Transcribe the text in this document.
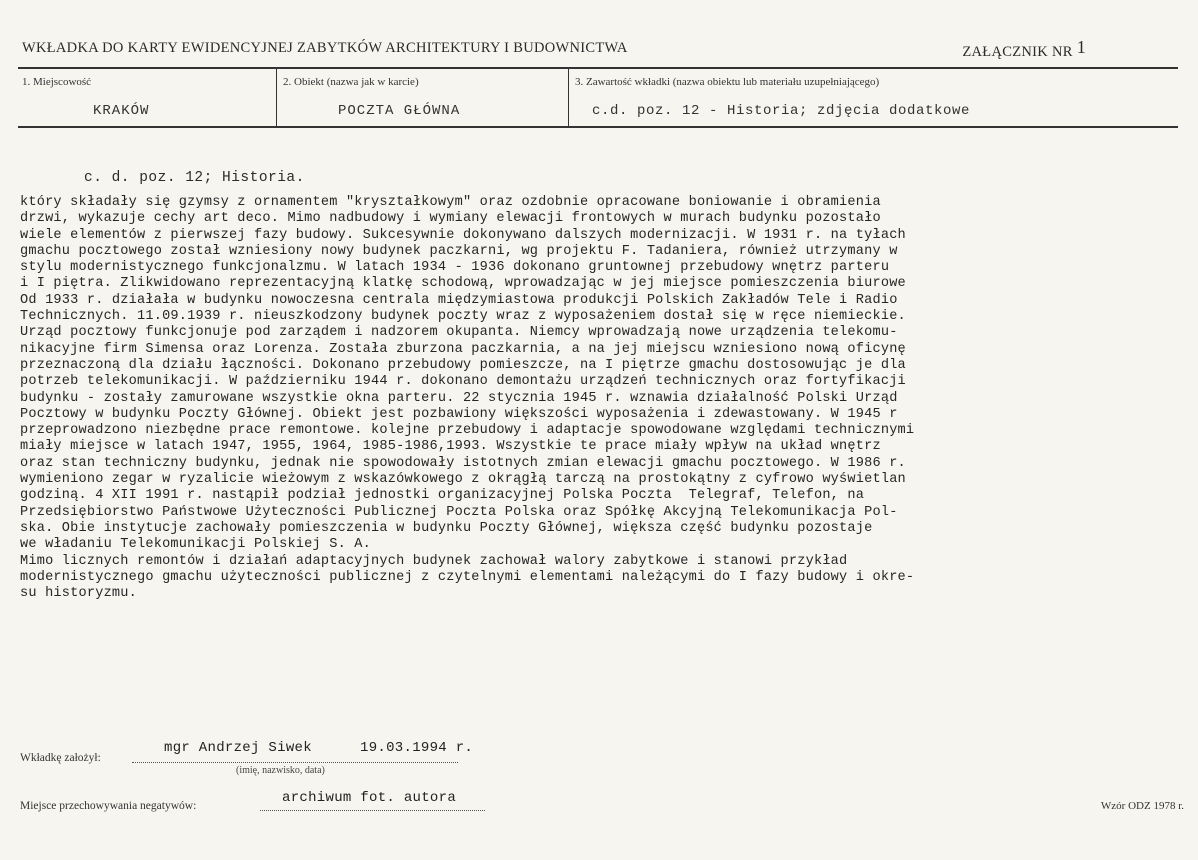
WKŁADKA DO KARTY EWIDENCYJNEJ ZABYTKÓW ARCHITEKTURY I BUDOWNICTWA	ZAŁĄCZNIK NR 1
1. Miejscowość
KRAKÓW
2. Obiekt (nazwa jak w karcie)
POCZTA GŁÓWNA
3. Zawartość wkładki (nazwa obiektu lub materiału uzupełniającego)
c.d. poz. 12 - Historia; zdjęcia dodatkowe
c. d. poz. 12; Historia.
który składały się gzymsy z ornamentem "kryształkowym" oraz ozdobnie opracowane boniowanie i obramienia
drzwi, wykazuje cechy art deco. Mimo nadbudowy i wymiany elewacji frontowych w murach budynku pozostało
wiele elementów z pierwszej fazy budowy. Sukcesywnie dokonywano dalszych modernizacji. W 1931 r. na tyłach
gmachu pocztowego został wzniesiony nowy budynek paczkarni, wg projektu F. Tadaniera, również utrzymany w
stylu modernistycznego funkcjonalzmu. W latach 1934 - 1936 dokonano gruntownej przebudowy wnętrz parteru
i I piętra. Zlikwidowano reprezentacyjną klatkę schodową, wprowadzając w jej miejsce pomieszczenia biurowe
Od 1933 r. działała w budynku nowoczesna centrala międzymiastowa produkcji Polskich Zakładów Tele i Radio
Technicznych. 11.09.1939 r. nieuszkodzony budynek poczty wraz z wyposażeniem dostał się w ręce niemieckie.
Urząd pocztowy funkcjonuje pod zarządem i nadzorem okupanta. Niemcy wprowadzają nowe urządzenia telekomu-
nikacyjne firm Simensa oraz Lorenza. Została zburzona paczkarnia, a na jej miejscu wzniesiono nową oficynę
przeznaczoną dla działu łączności. Dokonano przebudowy pomieszcze, na I piętrze gmachu dostosowując je dla
potrzeb telekomunikacji. W październiku 1944 r. dokonano demontażu urządzeń technicznych oraz fortyfikacji
budynku - zostały zamurowane wszystkie okna parteru. 22 stycznia 1945 r. wznawia działalność Polski Urząd
Pocztowy w budynku Poczty Głównej. Obiekt jest pozbawiony większości wyposażenia i zdewastowany. W 1945 r
przeprowadzono niezbędne prace remontowe. kolejne przebudowy i adaptacje spowodowane względami technicznymi
miały miejsce w latach 1947, 1955, 1964, 1985-1986,1993. Wszystkie te prace miały wpływ na układ wnętrz
oraz stan techniczny budynku, jednak nie spowodowały istotnych zmian elewacji gmachu pocztowego. W 1986 r.
wymieniono zegar w ryzalicie wieżowym z wskazówkowego z okrągłą tarczą na prostokątny z cyfrowo wyświetlan
godziną. 4 XII 1991 r. nastąpił podział jednostki organizacyjnej Polska Poczta  Telegraf, Telefon, na
Przedsiębiorstwo Państwowe Użyteczności Publicznej Poczta Polska oraz Spółkę Akcyjną Telekomunikacja Pol-
ska. Obie instytucje zachowały pomieszczenia w budynku Poczty Głównej, większa część budynku pozostaje
we władaniu Telekomunikacji Polskiej S. A.
Mimo licznych remontów i działań adaptacyjnych budynek zachował walory zabytkowe i stanowi przykład
modernistycznego gmachu użyteczności publicznej z czytelnymi elementami należącymi do I fazy budowy i okre-
su historyzmu.
Wkładkę założył:
mgr Andrzej Siwek	19.03.1994 r.
(imię, nazwisko, data)
Miejsce przechowywania negatywów:	archiwum fot. autora	Wzór ODZ 1978 r.
